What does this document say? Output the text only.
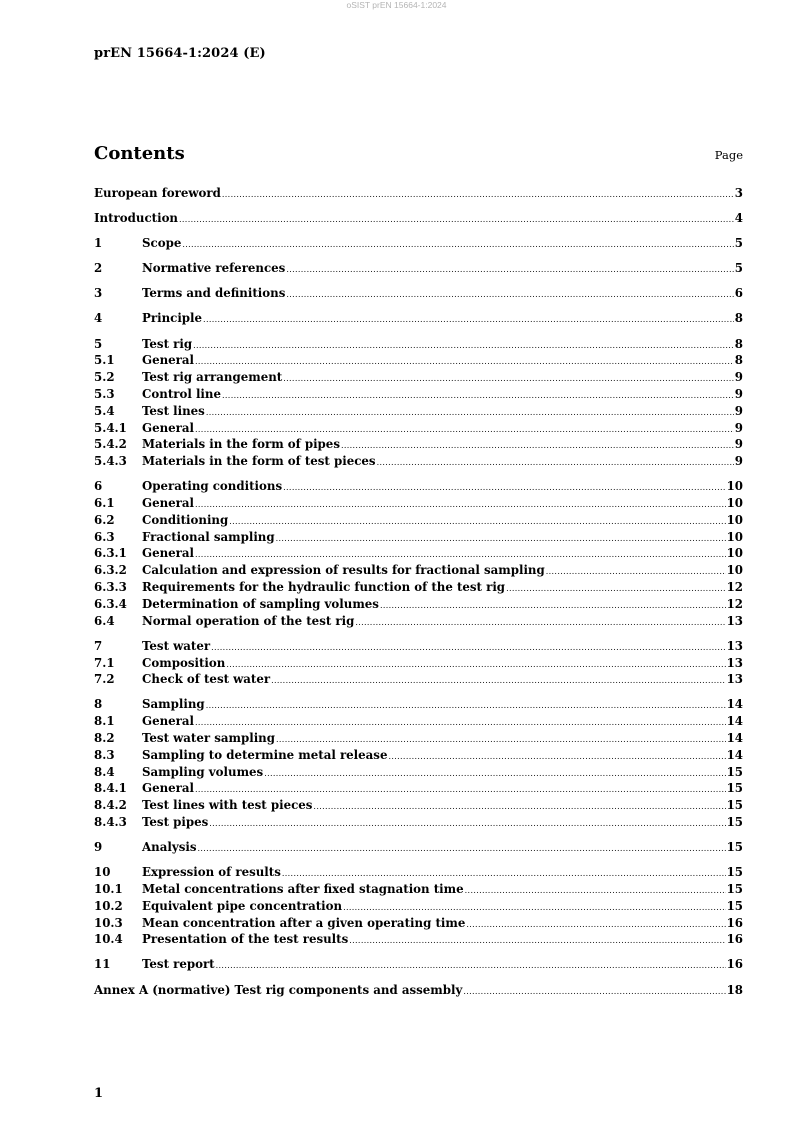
oSIST prEN 15664-1:2024
prEN 15664-1:2024 (E)
Contents	Page
European foreword .....	3
Introduction .....	4
1	Scope .....	5
2	Normative references .....	5
3	Terms and definitions .....	6
4	Principle .....	8
5	Test rig .....	8
5.1	General .....	8
5.2	Test rig arrangement .....	9
5.3	Control line .....	9
5.4	Test lines .....	9
5.4.1	General .....	9
5.4.2	Materials in the form of pipes .....	9
5.4.3	Materials in the form of test pieces .....	9
6	Operating conditions .....	10
6.1	General .....	10
6.2	Conditioning .....	10
6.3	Fractional sampling .....	10
6.3.1	General .....	10
6.3.2	Calculation and expression of results for fractional sampling .....	10
6.3.3	Requirements for the hydraulic function of the test rig .....	12
6.3.4	Determination of sampling volumes .....	12
6.4	Normal operation of the test rig .....	13
7	Test water .....	13
7.1	Composition .....	13
7.2	Check of test water .....	13
8	Sampling .....	14
8.1	General .....	14
8.2	Test water sampling .....	14
8.3	Sampling to determine metal release .....	14
8.4	Sampling volumes .....	15
8.4.1	General .....	15
8.4.2	Test lines with test pieces .....	15
8.4.3	Test pipes .....	15
9	Analysis .....	15
10	Expression of results .....	15
10.1	Metal concentrations after fixed stagnation time .....	15
10.2	Equivalent pipe concentration .....	15
10.3	Mean concentration after a given operating time .....	16
10.4	Presentation of the test results .....	16
11	Test report .....	16
Annex A (normative) Test rig components and assembly .....	18
1
